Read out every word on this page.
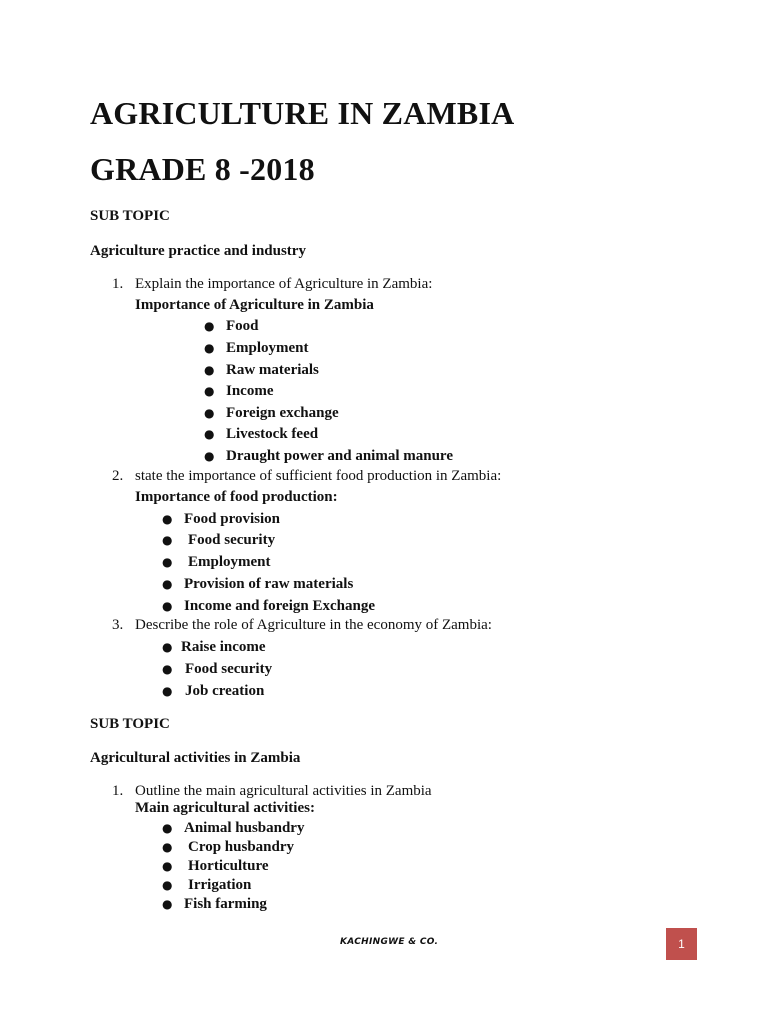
AGRICULTURE IN ZAMBIA
GRADE 8 -2018

SUB TOPIC

Agriculture practice and industry

1. Explain the importance of Agriculture in Zambia:

Importance of Agriculture in Zambia

● Food
● Employment
● Raw materials
● Income
● Foreign exchange
● Livestock feed
● Draught power and animal manure

2. state the importance of sufficient food production in Zambia:

Importance of food production:

● Food provision
● Food security
● Employment
● Provision of raw materials
● Income and foreign Exchange

3. Describe the role of Agriculture in the economy of Zambia:

● Raise income
● Food security
● Job creation

SUB TOPIC

Agricultural activities in Zambia

1. Outline the main agricultural activities in Zambia

Main agricultural activities:

● Animal husbandry
● Crop husbandry
● Horticulture
● Irrigation
● Fish farming
KACHINGWE & CO.	1
